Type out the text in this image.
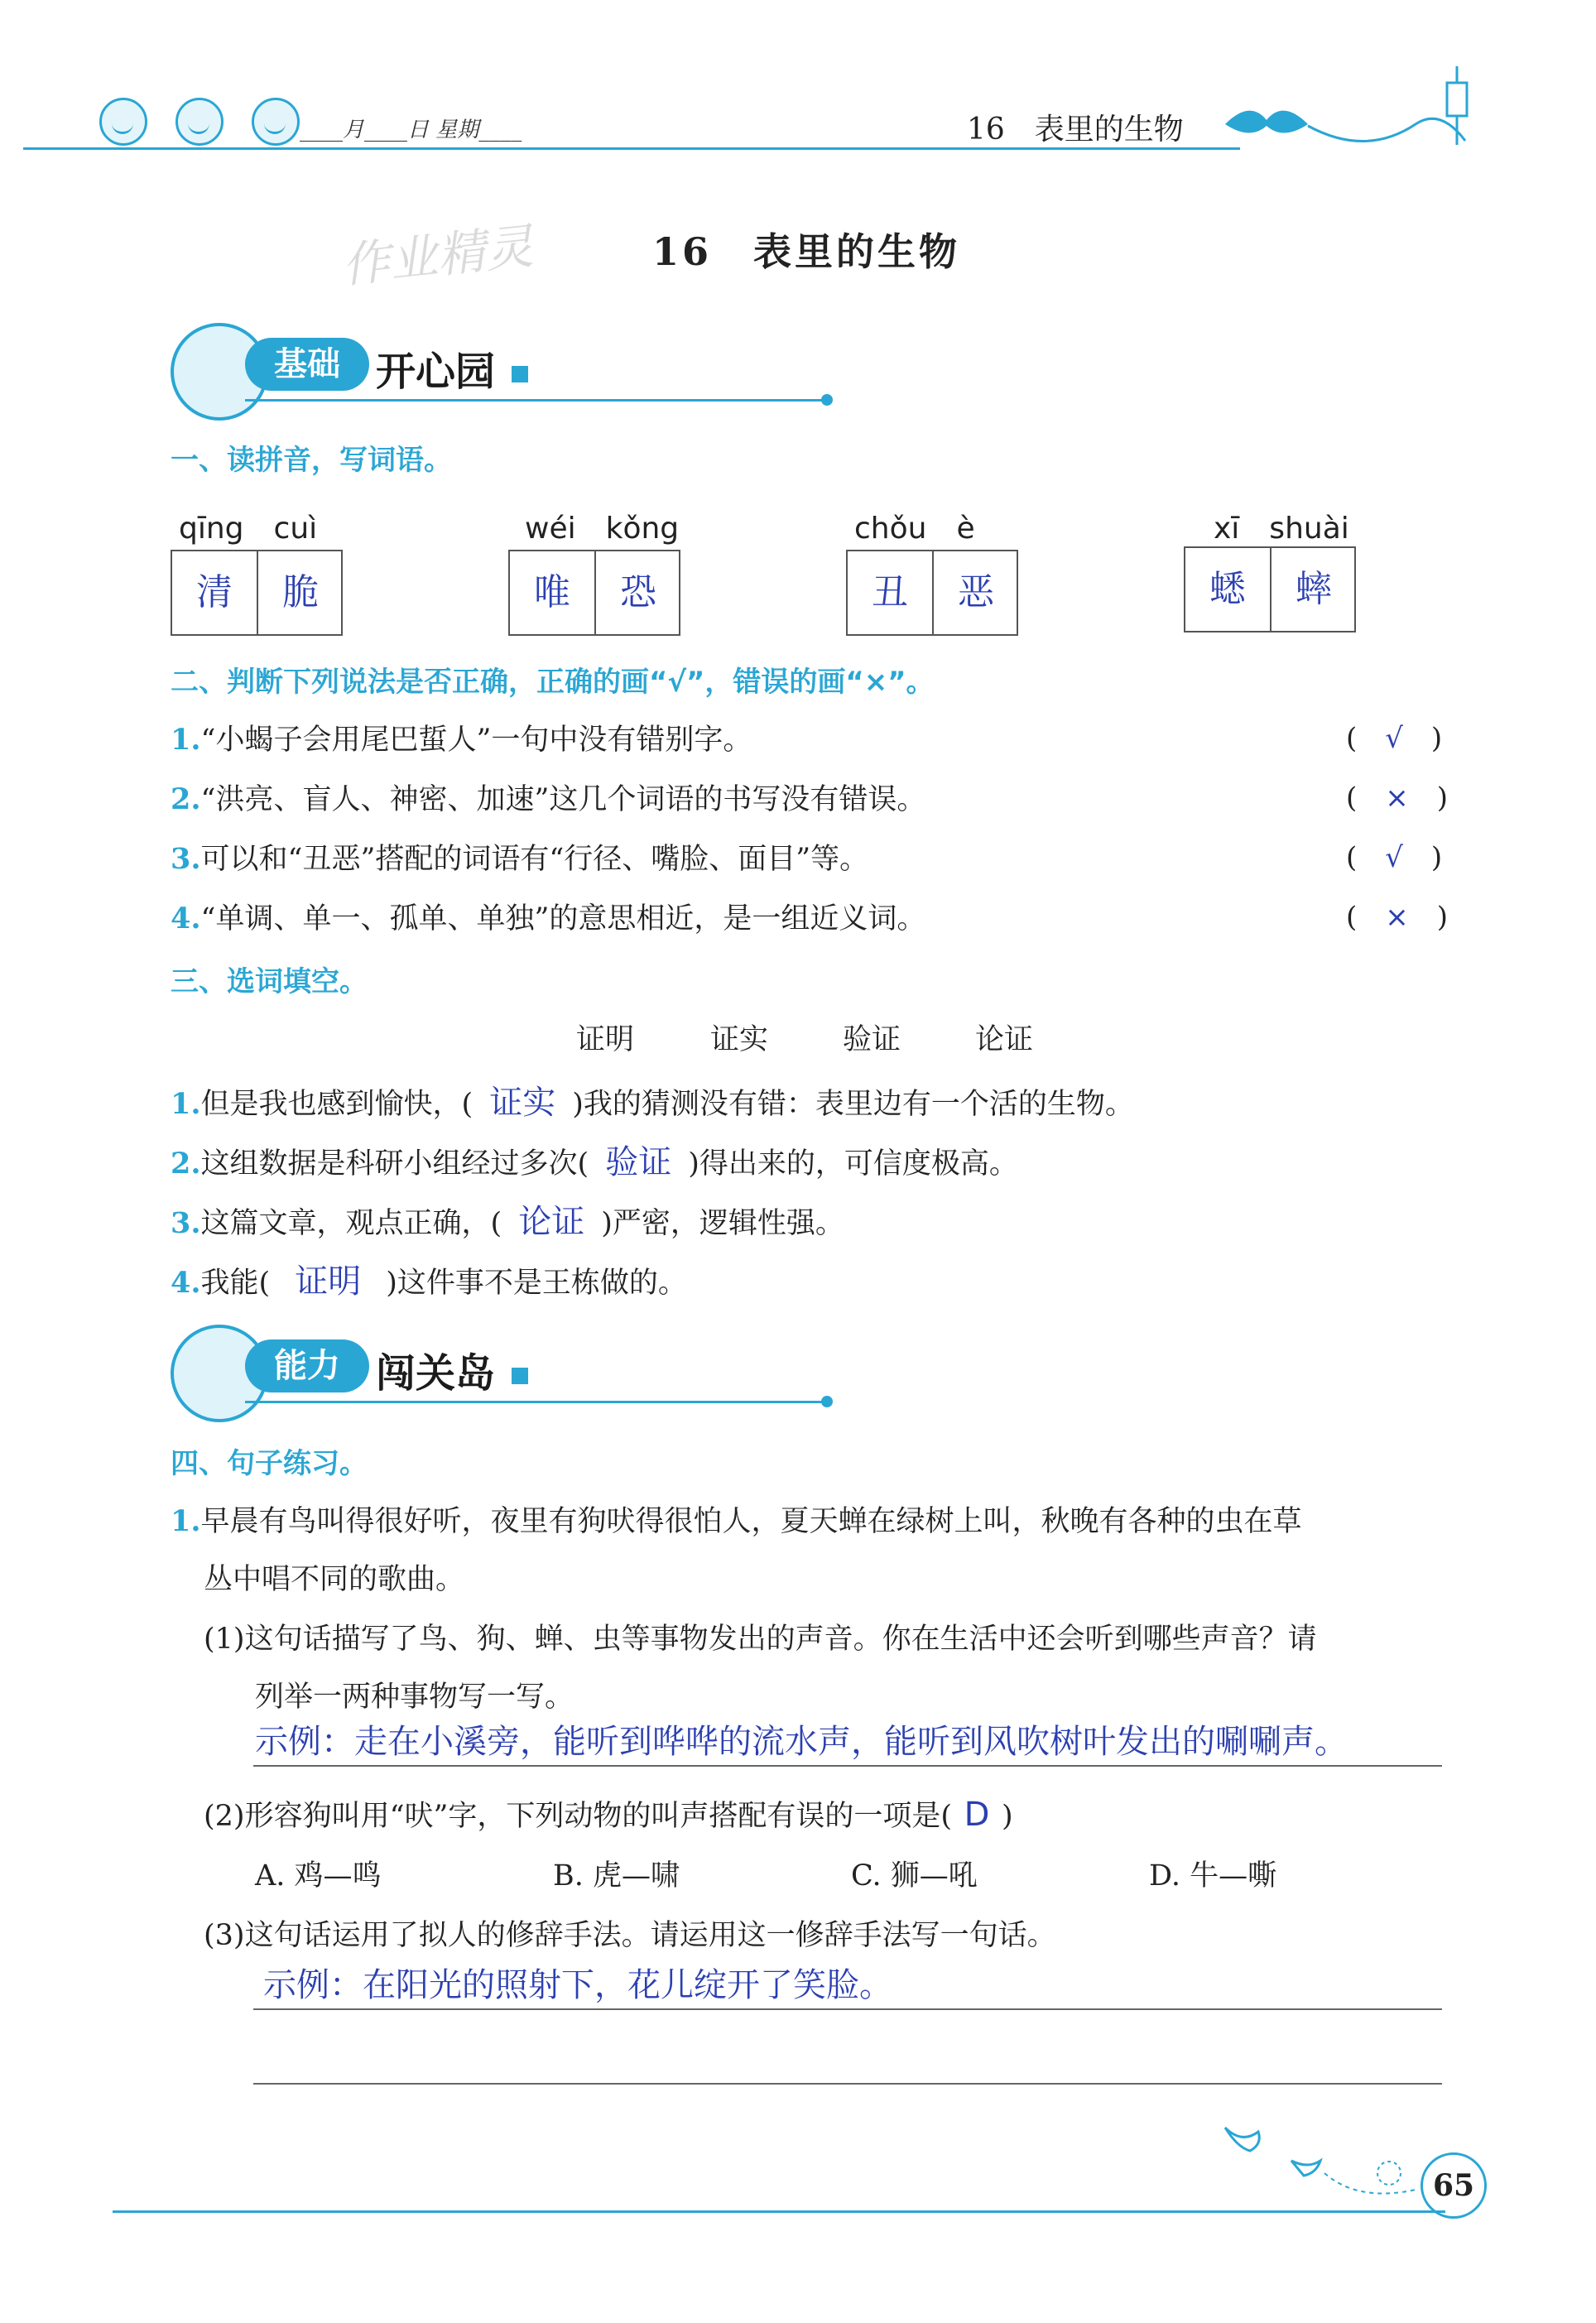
____月____日 星期____	16　表里的生物
作业精灵	16　表里的生物
基础 开心园
一、读拼音，写词语。
qīng　cuì
清	脆
wéi　kǒng
唯	恐
chǒu　è
丑	恶
xī　shuài
蟋	蟀
二、判断下列说法是否正确，正确的画“√”，错误的画“×”。
1.“小蝎子会用尾巴蜇人”一句中没有错别字。	(　√　)
2.“洪亮、盲人、神密、加速”这几个词语的书写没有错误。	(　×　)
3.可以和“丑恶”搭配的词语有“行径、嘴脸、面目”等。	(　√　)
4.“单调、单一、孤单、单独”的意思相近，是一组近义词。	(　×　)
三、选词填空。
证明	证实	验证	论证
1.但是我也感到愉快，( 证实 )我的猜测没有错：表里边有一个活的生物。
2.这组数据是科研小组经过多次( 验证 )得出来的，可信度极高。
3.这篇文章，观点正确，( 论证 )严密，逻辑性强。
4.我能( 证明 )这件事不是王栋做的。
能力 闯关岛
四、句子练习。
1.早晨有鸟叫得很好听，夜里有狗吠得很怕人，夏天蝉在绿树上叫，秋晚有各种的虫在草
丛中唱不同的歌曲。
(1)这句话描写了鸟、狗、蝉、虫等事物发出的声音。你在生活中还会听到哪些声音？请
列举一两种事物写一写。
示例：走在小溪旁，能听到哗哗的流水声，能听到风吹树叶发出的唰唰声。
(2)形容狗叫用“吠”字，下列动物的叫声搭配有误的一项是( D )
A. 鸡—鸣	B. 虎—啸	C. 狮—吼	D. 牛—嘶
(3)这句话运用了拟人的修辞手法。请运用这一修辞手法写一句话。
示例：在阳光的照射下，花儿绽开了笑脸。
65
